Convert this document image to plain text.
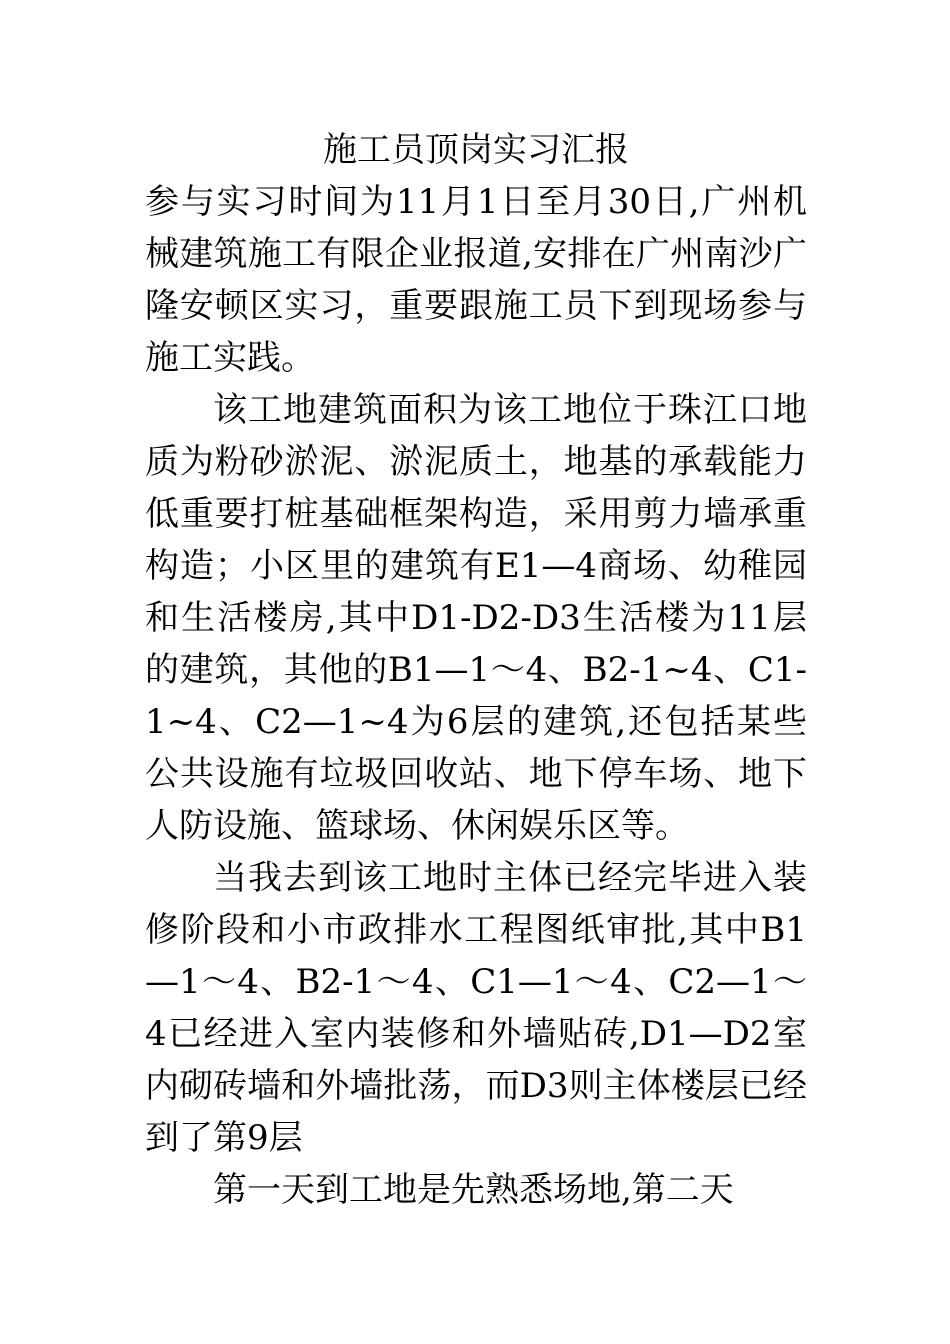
施工员顶岗实习汇报

参与实习时间为11月1日至月30日,广州机械建筑施工有限企业报道,安排在广州南沙广隆安顿区实习，重要跟施工员下到现场参与施工实践。

该工地建筑面积为该工地位于珠江口地质为粉砂淤泥、淤泥质土，地基的承载能力低重要打桩基础框架构造，采用剪力墙承重构造；小区里的建筑有E1—4商场、幼稚园和生活楼房,其中D1-D2-D3生活楼为11层的建筑，其他的B1—1～4、B2-1~4、C1-1~4、C2—1~4为6层的建筑,还包括某些公共设施有垃圾回收站、地下停车场、地下人防设施、篮球场、休闲娱乐区等。

当我去到该工地时主体已经完毕进入装修阶段和小市政排水工程图纸审批,其中B1—1～4、B2-1～4、C1—1～4、C2—1～4已经进入室内装修和外墙贴砖,D1—D2室内砌砖墙和外墙批荡，而D3则主体楼层已经到了第9层

第一天到工地是先熟悉场地,第二天
